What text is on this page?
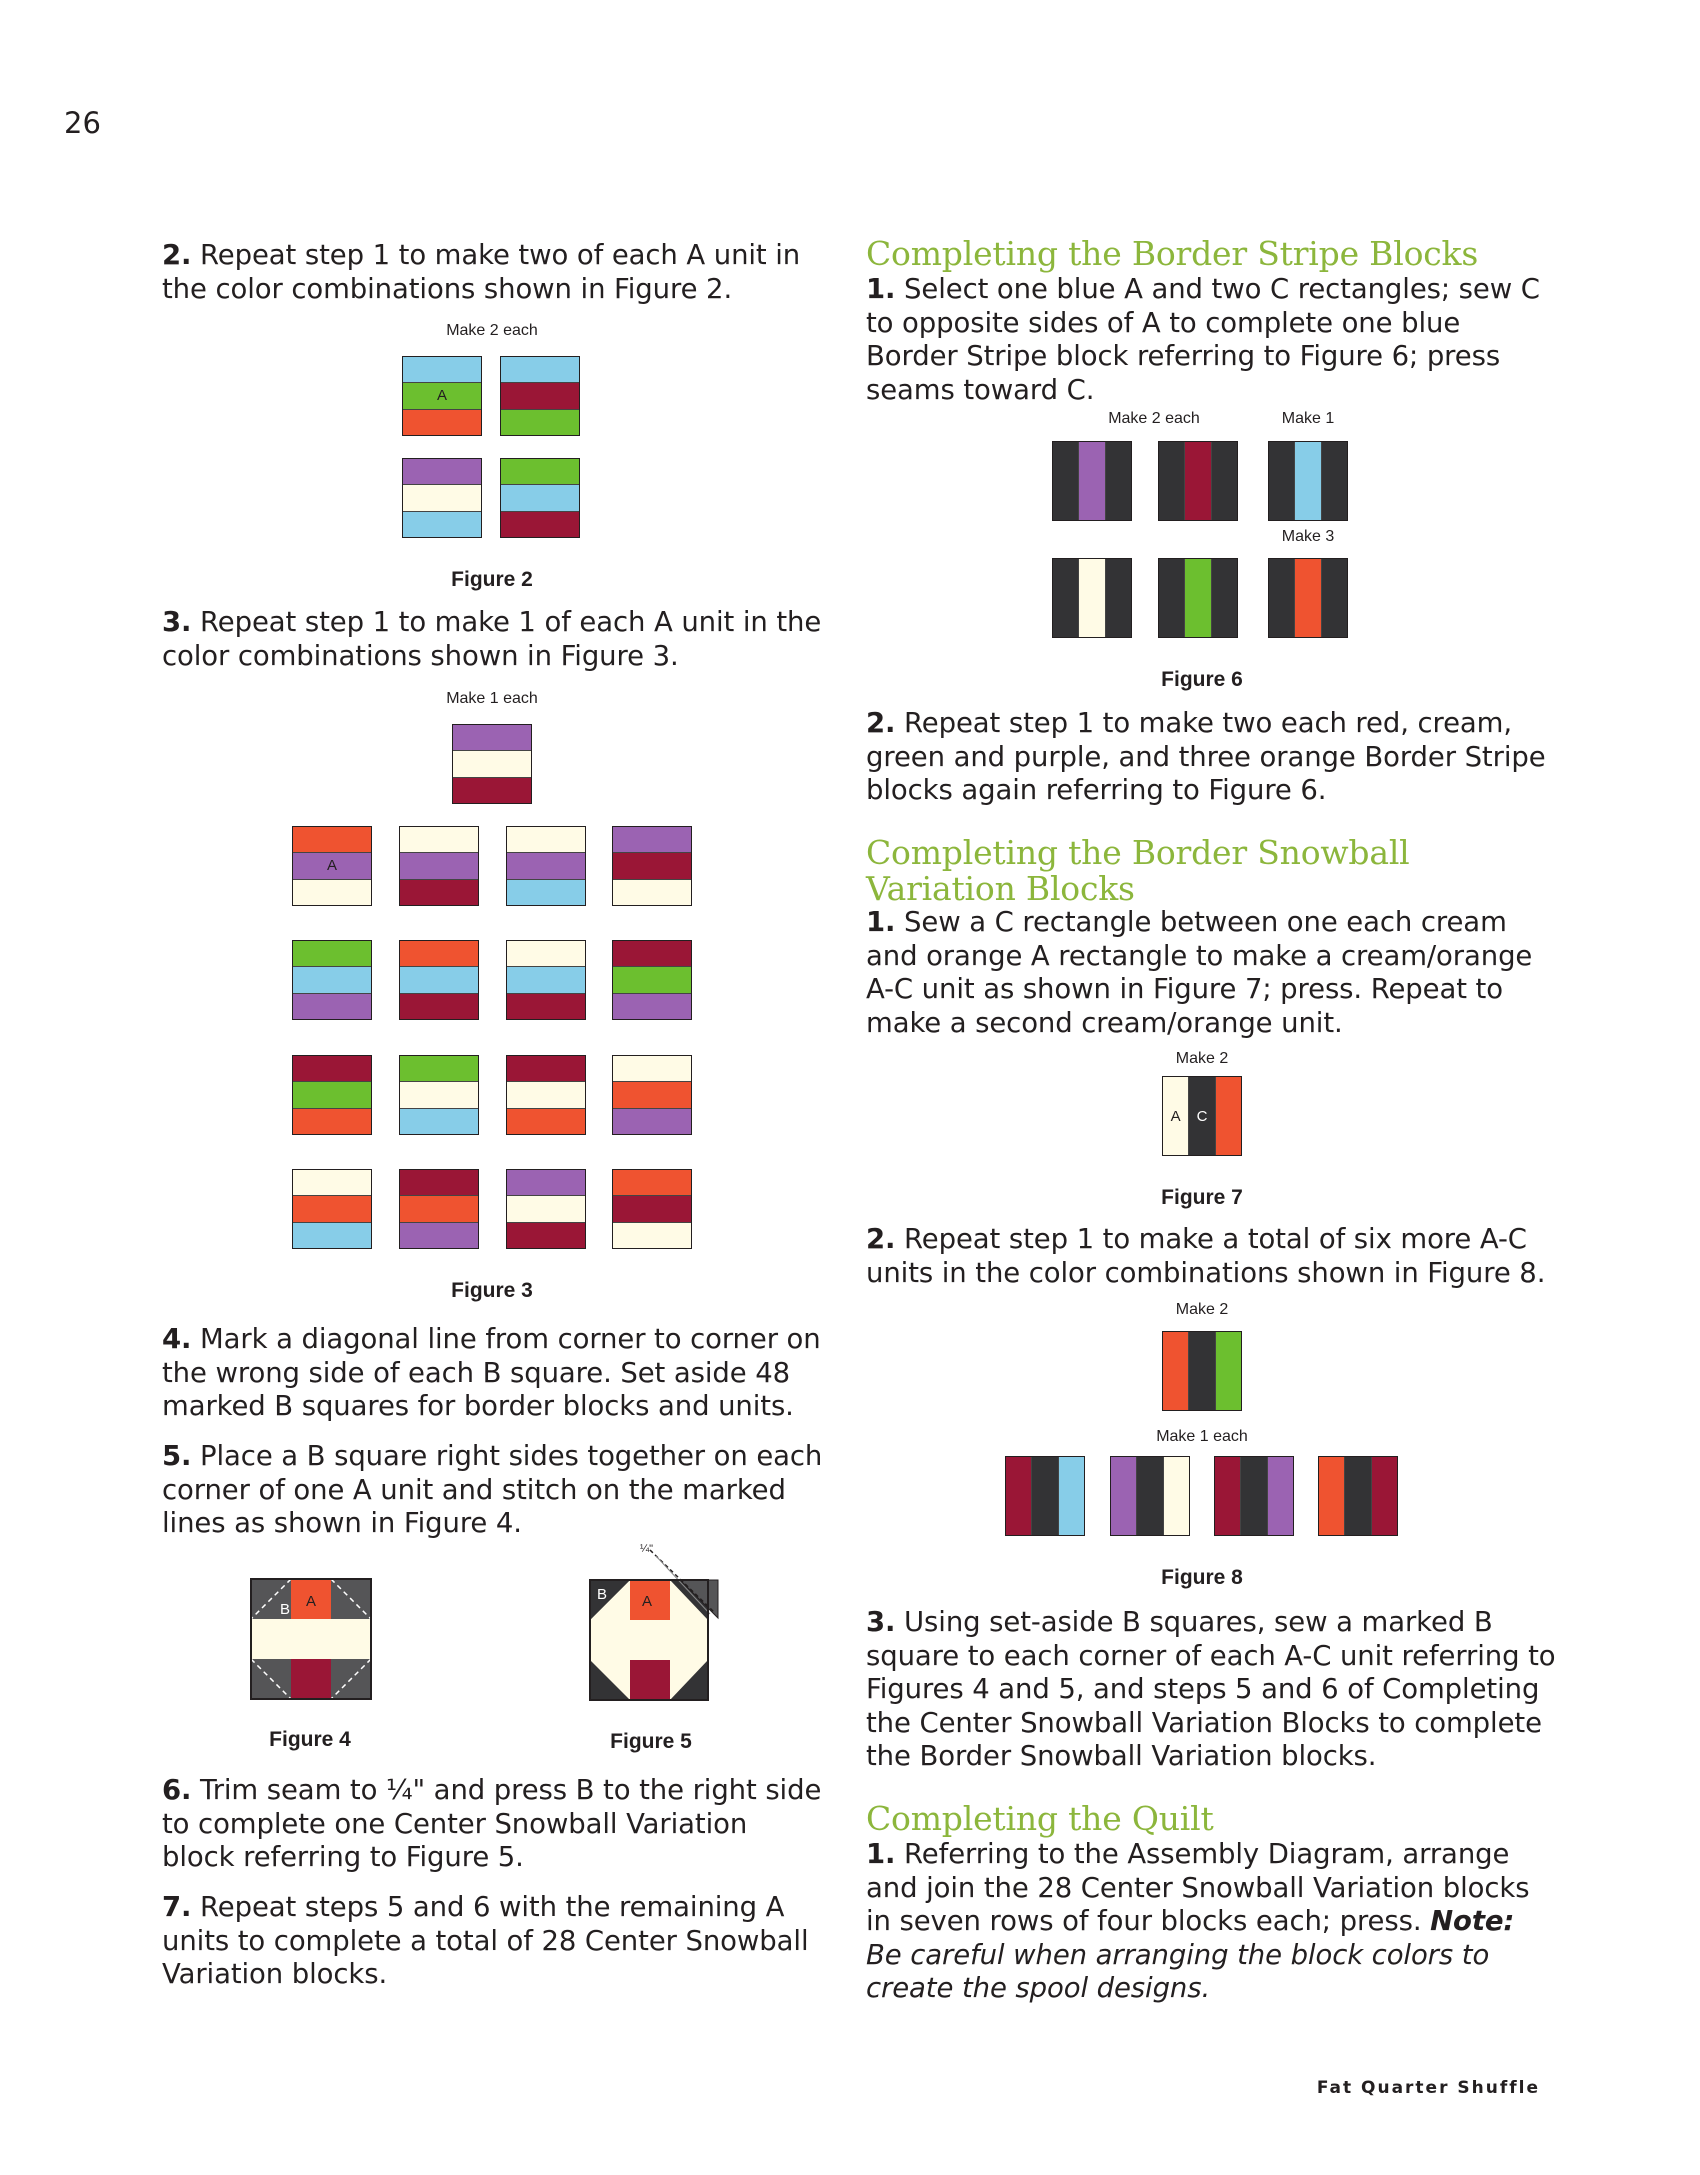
26
2. Repeat step 1 to make two of each A unit in the color combinations shown in Figure 2.
Make 2 each
A
Figure 2
3. Repeat step 1 to make 1 of each A unit in the color combinations shown in Figure 3.
Make 1 each
A
Figure 3
4. Mark a diagonal line from corner to corner on the wrong side of each B square. Set aside 48 marked B squares for border blocks and units.
5. Place a B square right sides together on each corner of one A unit and stitch on the marked lines as shown in Figure 4.
B A
Figure 4
¼"
B A
Figure 5
6. Trim seam to ¼" and press B to the right side to complete one Center Snowball Variation block referring to Figure 5.
7. Repeat steps 5 and 6 with the remaining A units to complete a total of 28 Center Snowball Variation blocks.
Completing the Border Stripe Blocks
1. Select one blue A and two C rectangles; sew C to opposite sides of A to complete one blue Border Stripe block referring to Figure 6; press seams toward C.
Make 2 each	Make 1
Make 3
Figure 6
2. Repeat step 1 to make two each red, cream, green and purple, and three orange Border Stripe blocks again referring to Figure 6.
Completing the Border Snowball Variation Blocks
1. Sew a C rectangle between one each cream and orange A rectangle to make a cream/orange A-C unit as shown in Figure 7; press. Repeat to make a second cream/orange unit.
Make 2
A	C
Figure 7
2. Repeat step 1 to make a total of six more A-C units in the color combinations shown in Figure 8.
Make 2
Make 1 each
Figure 8
3. Using set-aside B squares, sew a marked B square to each corner of each A-C unit referring to Figures 4 and 5, and steps 5 and 6 of Completing the Center Snowball Variation Blocks to complete the Border Snowball Variation blocks.
Completing the Quilt
1. Referring to the Assembly Diagram, arrange and join the 28 Center Snowball Variation blocks in seven rows of four blocks each; press. Note: Be careful when arranging the block colors to create the spool designs.
Fat Quarter Shuffle
